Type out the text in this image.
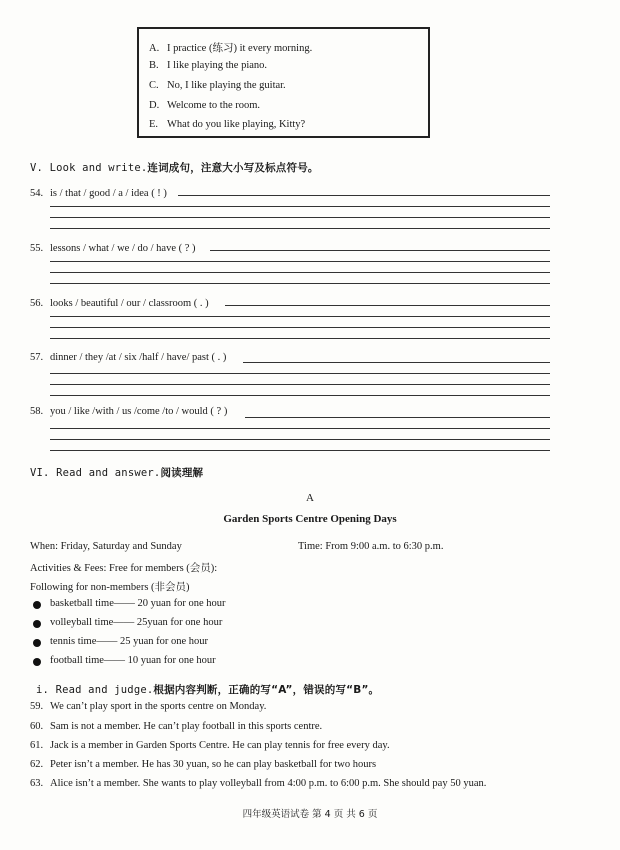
A. I practice (练习) it every morning.
B. I like playing the piano.
C. No, I like playing the guitar.
D. Welcome to the room.
E. What do you like playing, Kitty?
V. Look and write.连词成句，注意大小写及标点符号。
54. is / that / good / a / idea ( ! )
55. lessons / what / we / do / have ( ? )
56. looks / beautiful / our / classroom ( . )
57. dinner / they /at / six /half / have/ past ( . )
58. you / like /with / us /come /to / would ( ? )
VI. Read and answer.阅读理解
A
Garden Sports Centre Opening Days
When: Friday, Saturday and Sunday	Time: From 9:00 a.m. to 6:30 p.m.
Activities & Fees: Free for members (会员):
Following for non-members (非会员)
basketball time—— 20 yuan for one hour
volleyball time—— 25yuan for one hour
tennis time—— 25 yuan for one hour
football time—— 10 yuan for one hour
i. Read and judge.根据内容判断，正确的写“A”，错误的写“B”。
59. We can’t play sport in the sports centre on Monday.
60. Sam is not a member. He can’t play football in this sports centre.
61. Jack is a member in Garden Sports Centre. He can play tennis for free every day.
62. Peter isn’t a member. He has 30 yuan, so he can play basketball for two hours
63. Alice isn’t a member. She wants to play volleyball from 4:00 p.m. to 6:00 p.m. She should pay 50 yuan.
四年级英语试卷 第 4 页 共 6 页
